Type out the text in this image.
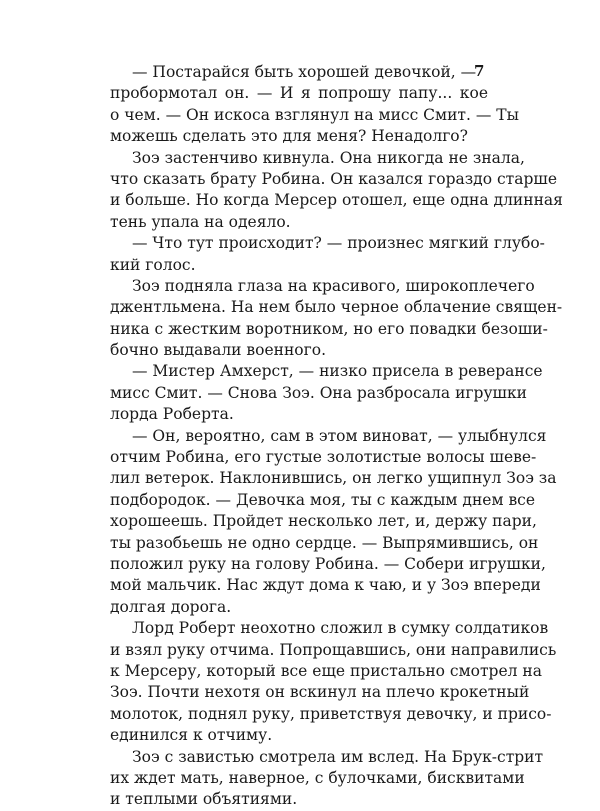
7
— Постарайся быть хорошей девочкой, —
пробормотал он. — И я попрошу папу... кое
о чем. — Он искоса взглянул на мисс Смит. — Ты
можешь сделать это для меня? Ненадолго?
Зоэ застенчиво кивнула. Она никогда не знала,
что сказать брату Робина. Он казался гораздо старше
и больше. Но когда Мерсер отошел, еще одна длинная
тень упала на одеяло.
— Что тут происходит? — произнес мягкий глубо-
кий голос.
Зоэ подняла глаза на красивого, широкоплечего
джентльмена. На нем было черное облачение священ-
ника с жестким воротником, но его повадки безоши-
бочно выдавали военного.
— Мистер Амхерст, — низко присела в реверансе
мисс Смит. — Снова Зоэ. Она разбросала игрушки
лорда Роберта.
— Он, вероятно, сам в этом виноват, — улыбнулся
отчим Робина, его густые золотистые волосы шеве-
лил ветерок. Наклонившись, он легко ущипнул Зоэ за
подбородок. — Девочка моя, ты с каждым днем все
хорошеешь. Пройдет несколько лет, и, держу пари,
ты разобьешь не одно сердце. — Выпрямившись, он
положил руку на голову Робина. — Собери игрушки,
мой мальчик. Нас ждут дома к чаю, и у Зоэ впереди
долгая дорога.
Лорд Роберт неохотно сложил в сумку солдатиков
и взял руку отчима. Попрощавшись, они направились
к Мерсеру, который все еще пристально смотрел на
Зоэ. Почти нехотя он вскинул на плечо крокетный
молоток, поднял руку, приветствуя девочку, и присо-
единился к отчиму.
Зоэ с завистью смотрела им вслед. На Брук-стрит
их ждет мать, наверное, с булочками, бисквитами
и теплыми объятиями.
